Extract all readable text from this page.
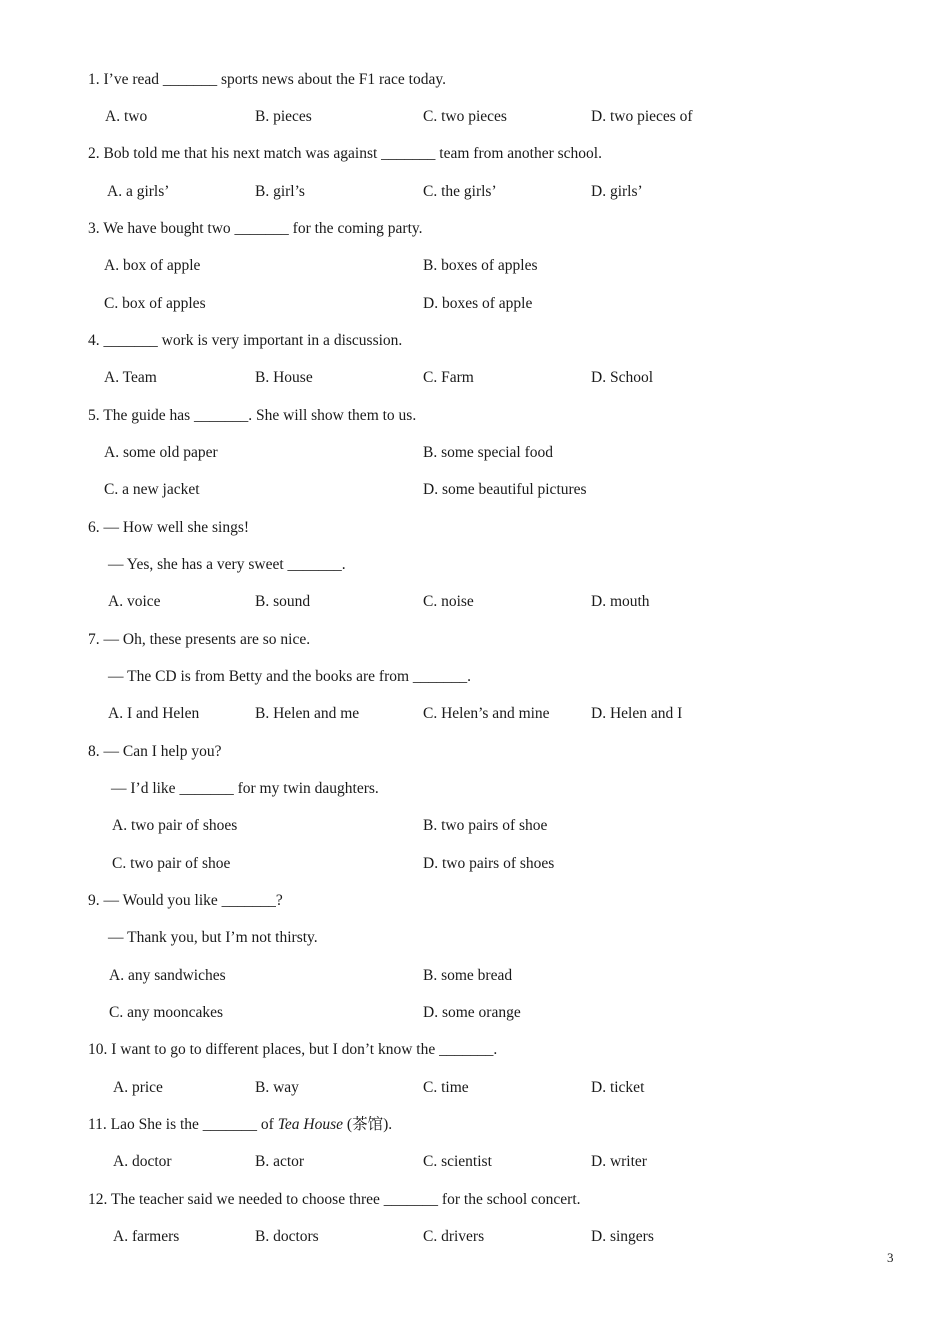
1. I’ve read _______ sports news about the F1 race today.
A. two	B. pieces	C. two pieces	D. two pieces of
2. Bob told me that his next match was against _______ team from another school.
A. a girls’	B. girl’s	C. the girls’	D. girls’
3. We have bought two _______ for the coming party.
A. box of apple	B. boxes of apples
C. box of apples	D. boxes of apple
4. _______ work is very important in a discussion.
A. Team	B. House	C. Farm	D. School
5. The guide has _______. She will show them to us.
A. some old paper	B. some special food
C. a new jacket	D. some beautiful pictures
6. — How well she sings!
— Yes, she has a very sweet _______.
A. voice	B. sound	C. noise	D. mouth
7. — Oh, these presents are so nice.
— The CD is from Betty and the books are from _______.
A. I and Helen	B. Helen and me	C. Helen’s and mine	D. Helen and I
8. — Can I help you?
— I’d like _______ for my twin daughters.
A. two pair of shoes	B. two pairs of shoe
C. two pair of shoe	D. two pairs of shoes
9. — Would you like _______?
— Thank you, but I’m not thirsty.
A. any sandwiches	B. some bread
C. any mooncakes	D. some orange
10. I want to go to different places, but I don’t know the _______.
A. price	B. way	C. time	D. ticket
11. Lao She is the _______ of Tea House (茶馆).
A. doctor	B. actor	C. scientist	D. writer
12. The teacher said we needed to choose three _______ for the school concert.
A. farmers	B. doctors	C. drivers	D. singers
3
